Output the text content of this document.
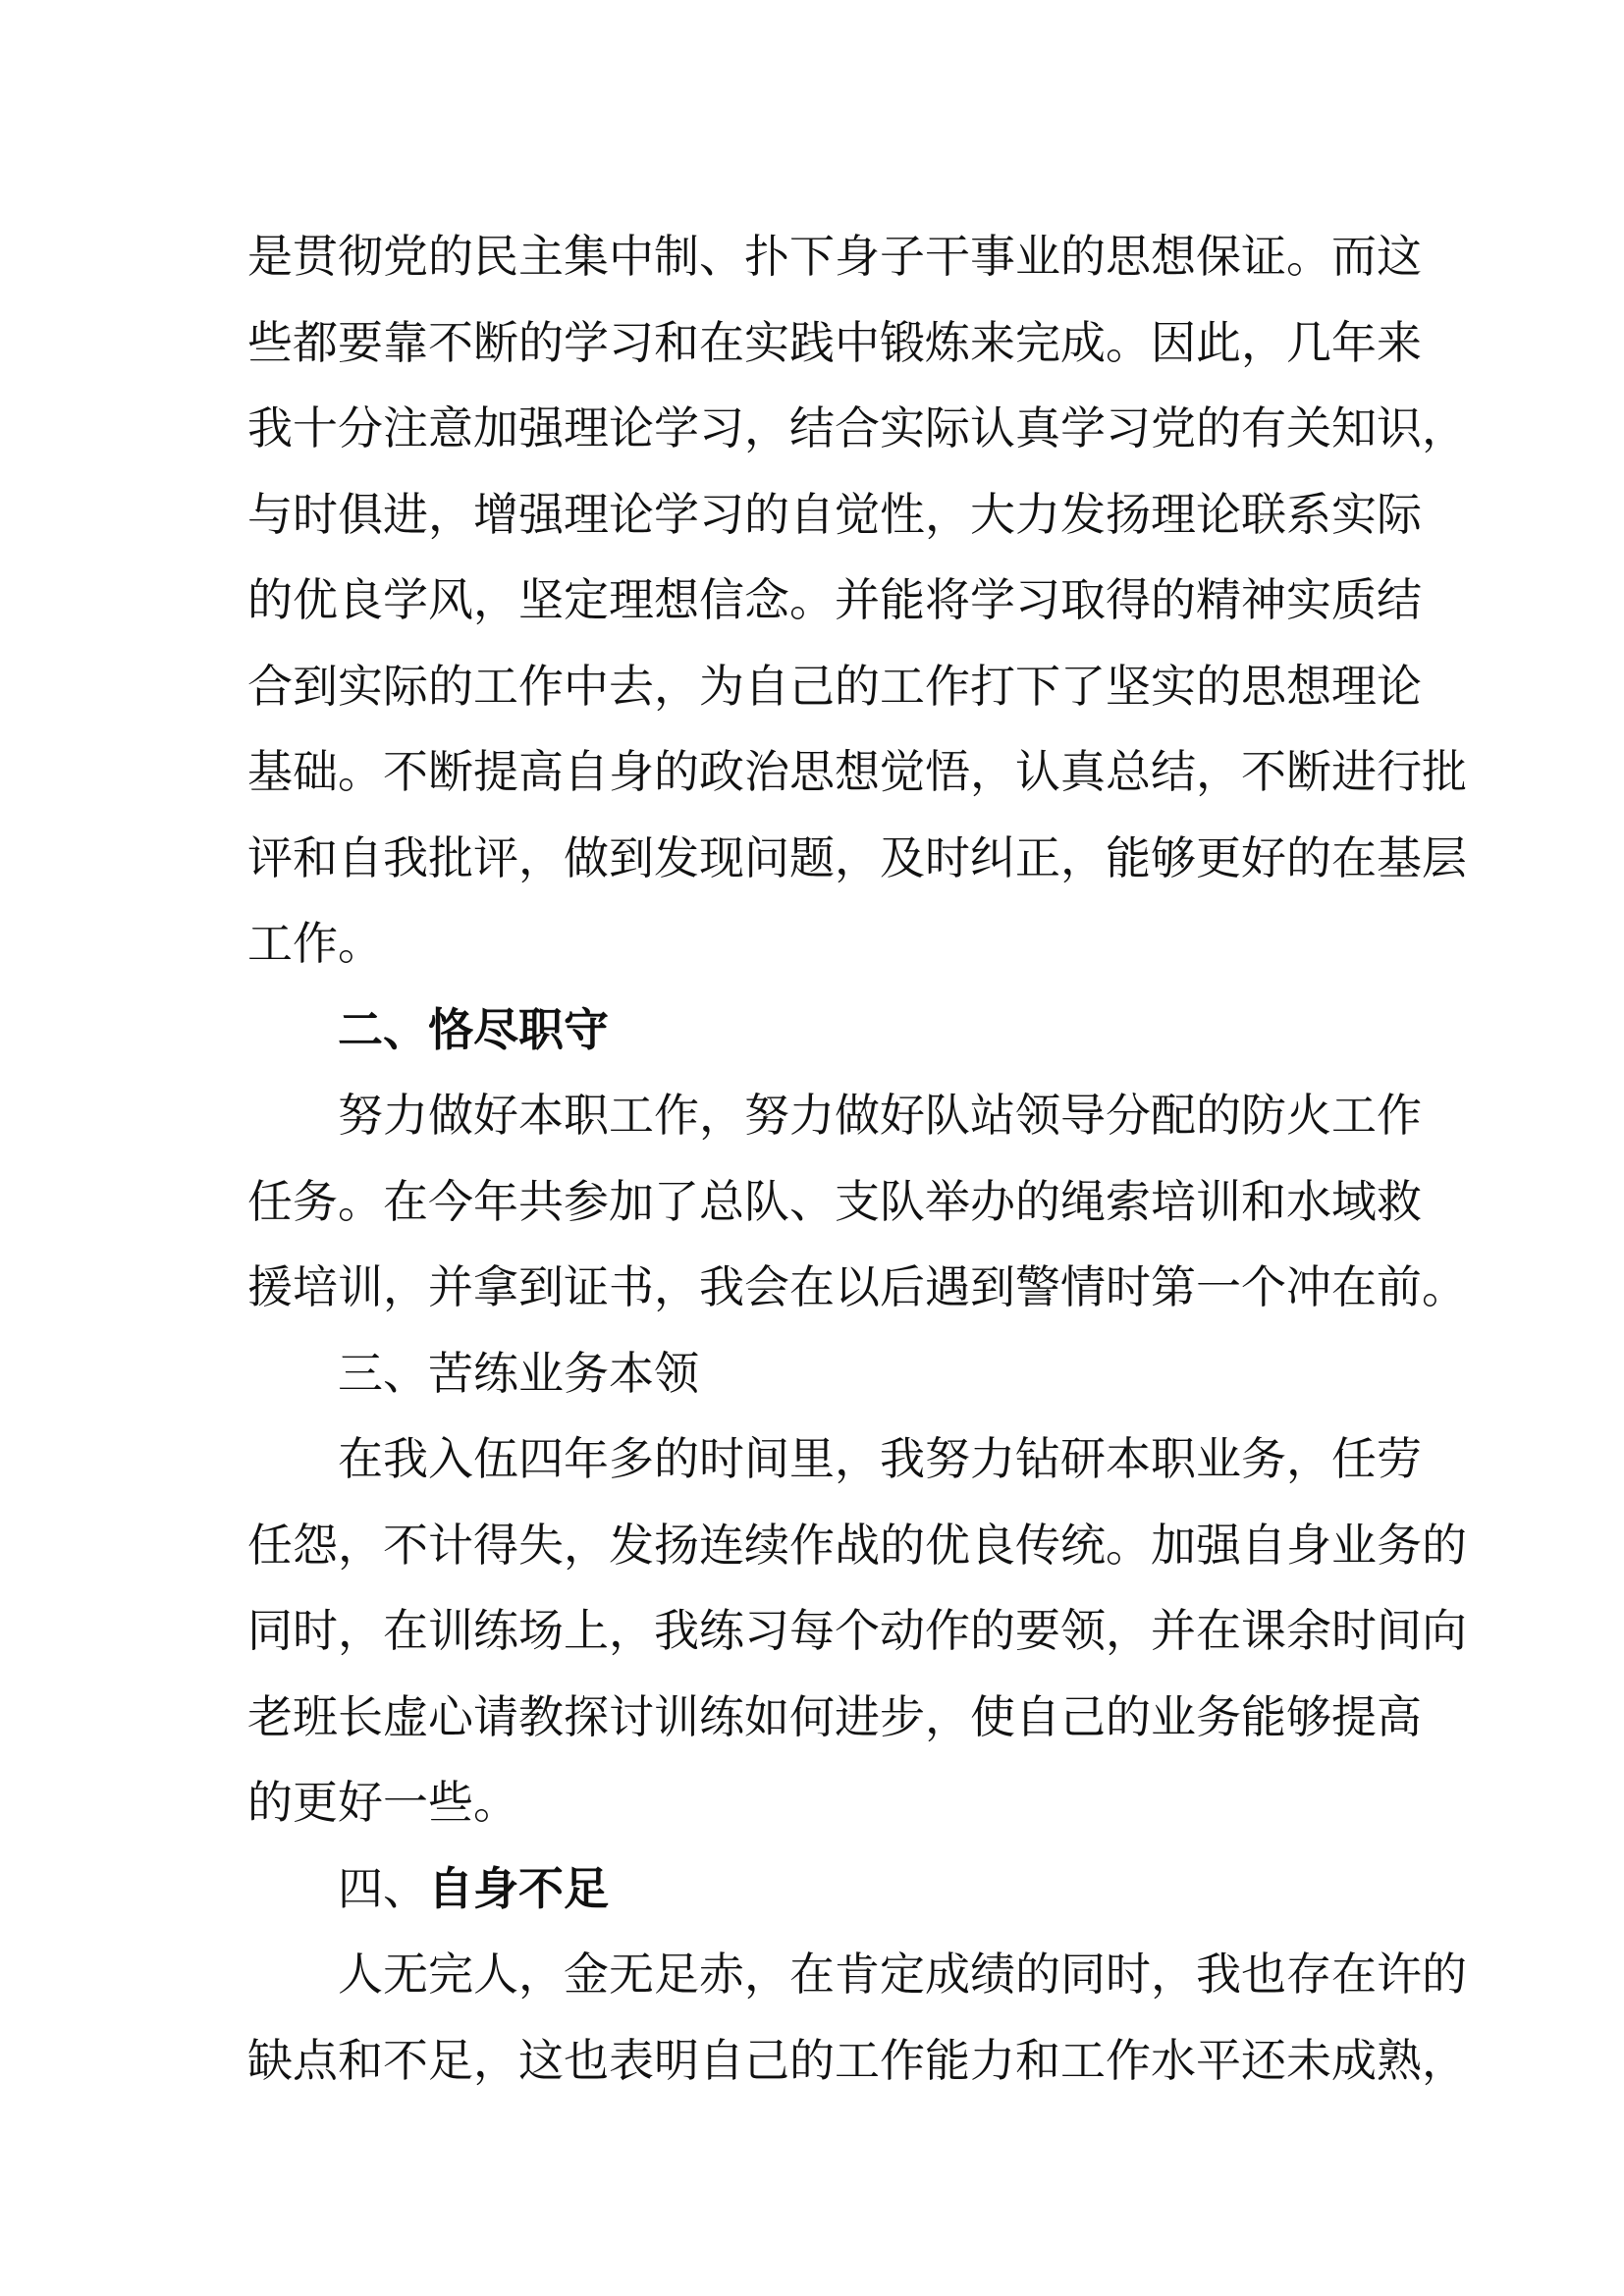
是贯彻党的民主集中制、扑下身子干事业的思想保证。而这
些都要靠不断的学习和在实践中锻炼来完成。因此，几年来
我十分注意加强理论学习，结合实际认真学习党的有关知识，
与时俱进，增强理论学习的自觉性，大力发扬理论联系实际
的优良学风，坚定理想信念。并能将学习取得的精神实质结
合到实际的工作中去，为自己的工作打下了坚实的思想理论
基础。不断提高自身的政治思想觉悟，认真总结，不断进行批
评和自我批评，做到发现问题，及时纠正，能够更好的在基层
工作。
二、恪尽职守
努力做好本职工作，努力做好队站领导分配的防火工作
任务。在今年共参加了总队、支队举办的绳索培训和水域救
援培训，并拿到证书，我会在以后遇到警情时第一个冲在前。
三、苦练业务本领
在我入伍四年多的时间里，我努力钻研本职业务，任劳
任怨，不计得失，发扬连续作战的优良传统。加强自身业务的
同时，在训练场上，我练习每个动作的要领，并在课余时间向
老班长虚心请教探讨训练如何进步，使自己的业务能够提高
的更好一些。
四、自身不足
人无完人，金无足赤，在肯定成绩的同时，我也存在许的
缺点和不足，这也表明自己的工作能力和工作水平还未成熟，
